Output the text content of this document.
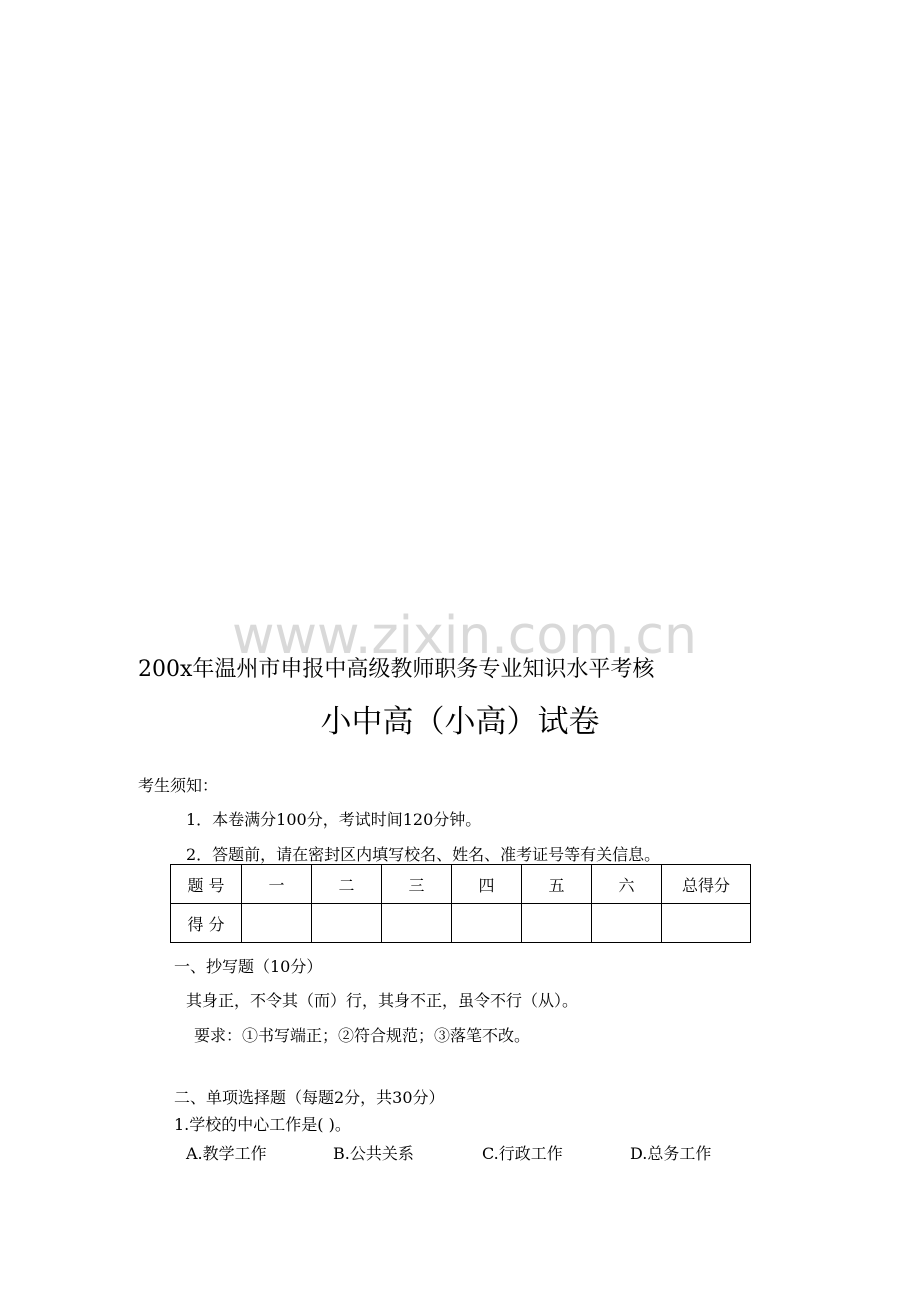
www.zixin.com.cn
200x年温州市申报中高级教师职务专业知识水平考核
小中高（小高）试卷
考生须知：
1．本卷满分100分，考试时间120分钟。
2．答题前，请在密封区内填写校名、姓名、准考证号等有关信息。
题 号	一	二	三	四	五	六	总得分
得 分							
一、抄写题（10分）
其身正，不令其（而）行，其身不正，虽令不行（从）。
要求：①书写端正；②符合规范；③落笔不改。
二、单项选择题（每题2分，共30分）
1.学校的中心工作是( )。
A.教学工作	B.公共关系	C.行政工作	D.总务工作
